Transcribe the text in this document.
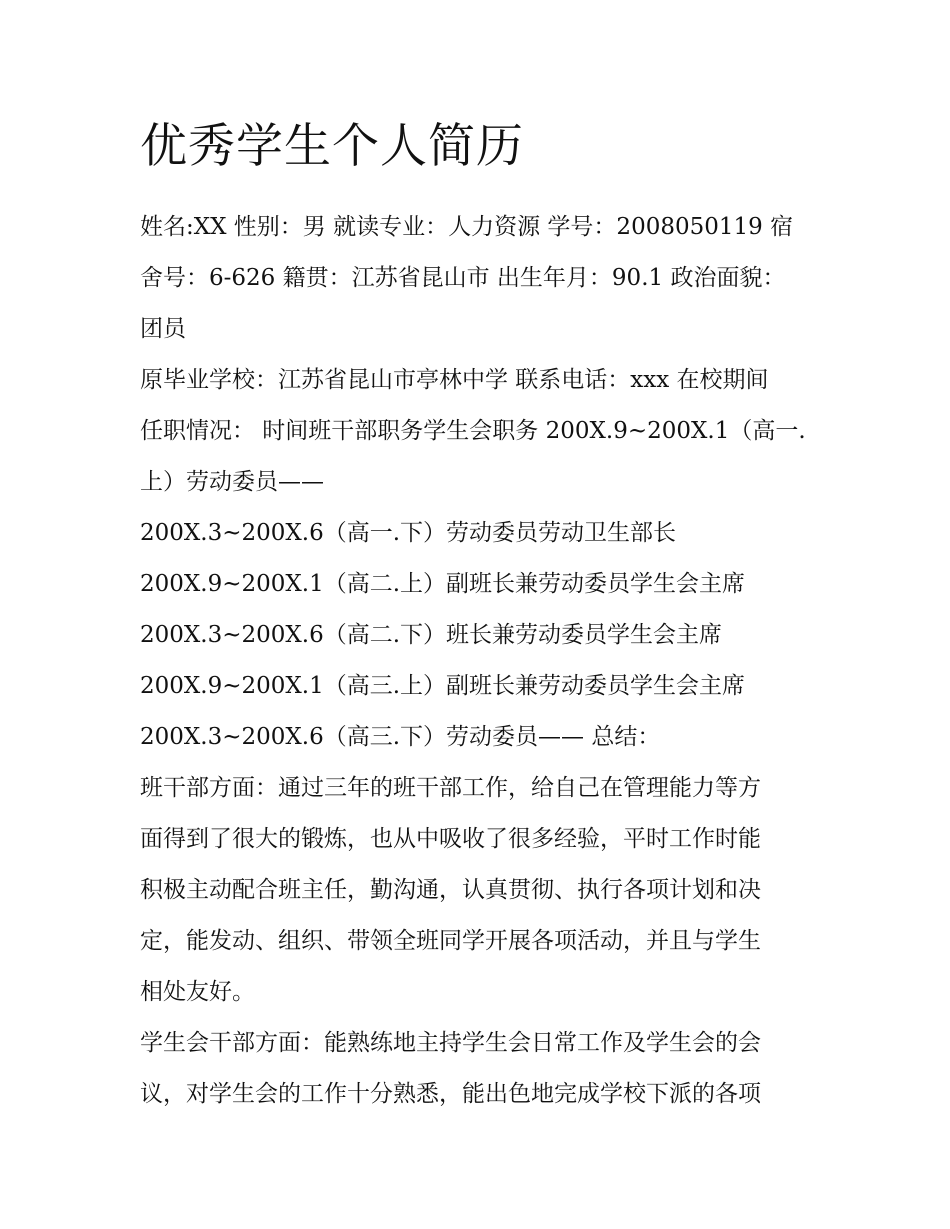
优秀学生个人简历
姓名:XX 性别：男 就读专业：人力资源 学号：2008050119 宿
舍号：6-626 籍贯：江苏省昆山市 出生年月：90.1 政治面貌：
团员
原毕业学校：江苏省昆山市亭林中学 联系电话：xxx 在校期间
任职情况： 时间班干部职务学生会职务 200X.9~200X.1（高一.
上）劳动委员——
200X.3~200X.6（高一.下）劳动委员劳动卫生部长
200X.9~200X.1（高二.上）副班长兼劳动委员学生会主席
200X.3~200X.6（高二.下）班长兼劳动委员学生会主席
200X.9~200X.1（高三.上）副班长兼劳动委员学生会主席
200X.3~200X.6（高三.下）劳动委员—— 总结：
班干部方面：通过三年的班干部工作，给自己在管理能力等方
面得到了很大的锻炼，也从中吸收了很多经验，平时工作时能
积极主动配合班主任，勤沟通，认真贯彻、执行各项计划和决
定，能发动、组织、带领全班同学开展各项活动，并且与学生
相处友好。
学生会干部方面：能熟练地主持学生会日常工作及学生会的会
议，对学生会的工作十分熟悉，能出色地完成学校下派的各项
